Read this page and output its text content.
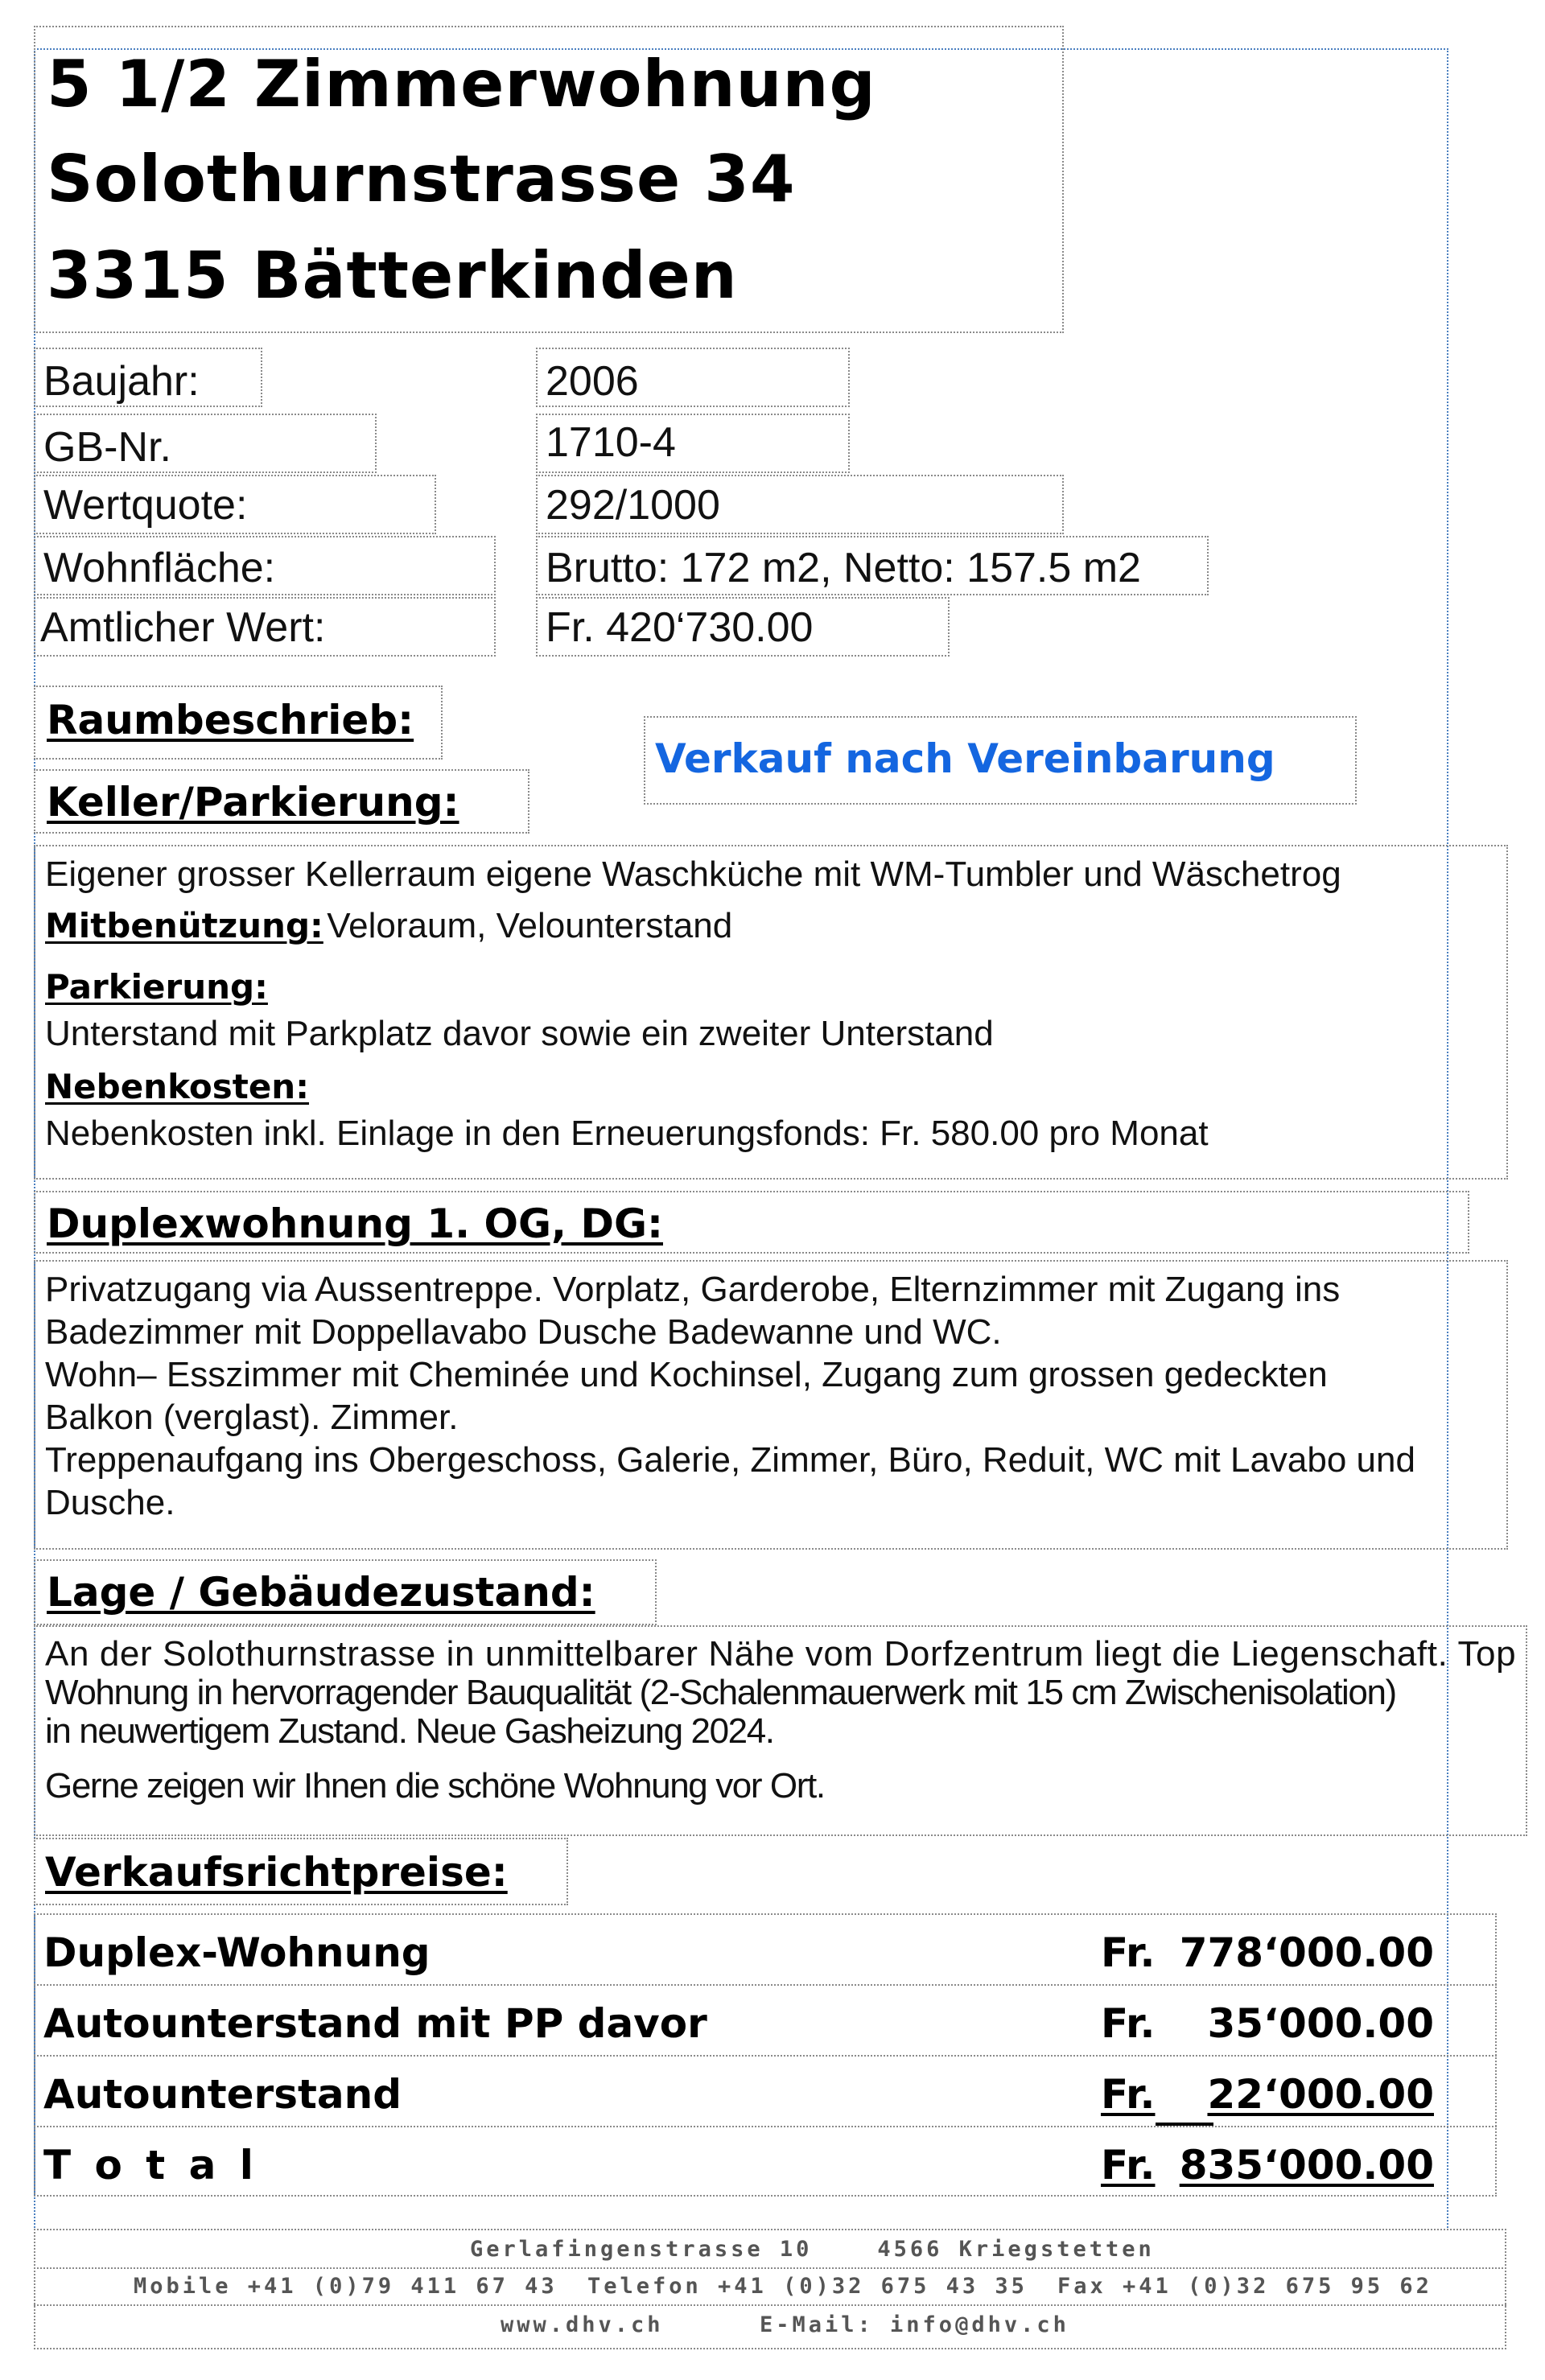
5 1/2 Zimmerwohnung
Solothurnstrasse 34
3315 Bätterkinden
Baujahr:	2006
GB-Nr.	1710-4
Wertquote:	292/1000
Wohnfläche:	Brutto: 172 m2, Netto: 157.5 m2
Amtlicher Wert:	Fr. 420‘730.00
Raumbeschrieb:
Verkauf nach Vereinbarung
Keller/Parkierung:
Eigener grosser Kellerraum eigene Waschküche mit WM-Tumbler und Wäschetrog
Mitbenützung: Veloraum, Velounterstand
Parkierung:
Unterstand mit Parkplatz davor sowie ein zweiter Unterstand
Nebenkosten:
Nebenkosten inkl. Einlage in den Erneuerungsfonds: Fr. 580.00 pro Monat
Duplexwohnung 1. OG, DG:
Privatzugang via Aussentreppe. Vorplatz, Garderobe, Elternzimmer mit Zugang ins
Badezimmer mit Doppellavabo Dusche Badewanne und WC.
Wohn– Esszimmer mit Cheminée und Kochinsel, Zugang zum grossen gedeckten
Balkon (verglast). Zimmer.
Treppenaufgang ins Obergeschoss, Galerie, Zimmer, Büro, Reduit, WC mit Lavabo und
Dusche.
Lage / Gebäudezustand:
An der Solothurnstrasse in unmittelbarer Nähe vom Dorfzentrum liegt die Liegenschaft. Top
Wohnung in hervorragender Bauqualität (2-Schalenmauerwerk mit 15 cm Zwischenisolation)
in neuwertigem Zustand. Neue Gasheizung 2024.
Gerne zeigen wir Ihnen die schöne Wohnung vor Ort.
Verkaufsrichtpreise:
Duplex-Wohnung	Fr. 778‘000.00
Autounterstand mit PP davor	Fr. 35‘000.00
Autounterstand	Fr. 22‘000.00
T o t a l	Fr. 835‘000.00
Gerlafingenstrasse 10    4566 Kriegstetten
Mobile +41 (0)79 411 67 43 Telefon +41 (0)32 675 43 35 Fax +41 (0)32 675 95 62
www.dhv.ch	E-Mail: info@dhv.ch
